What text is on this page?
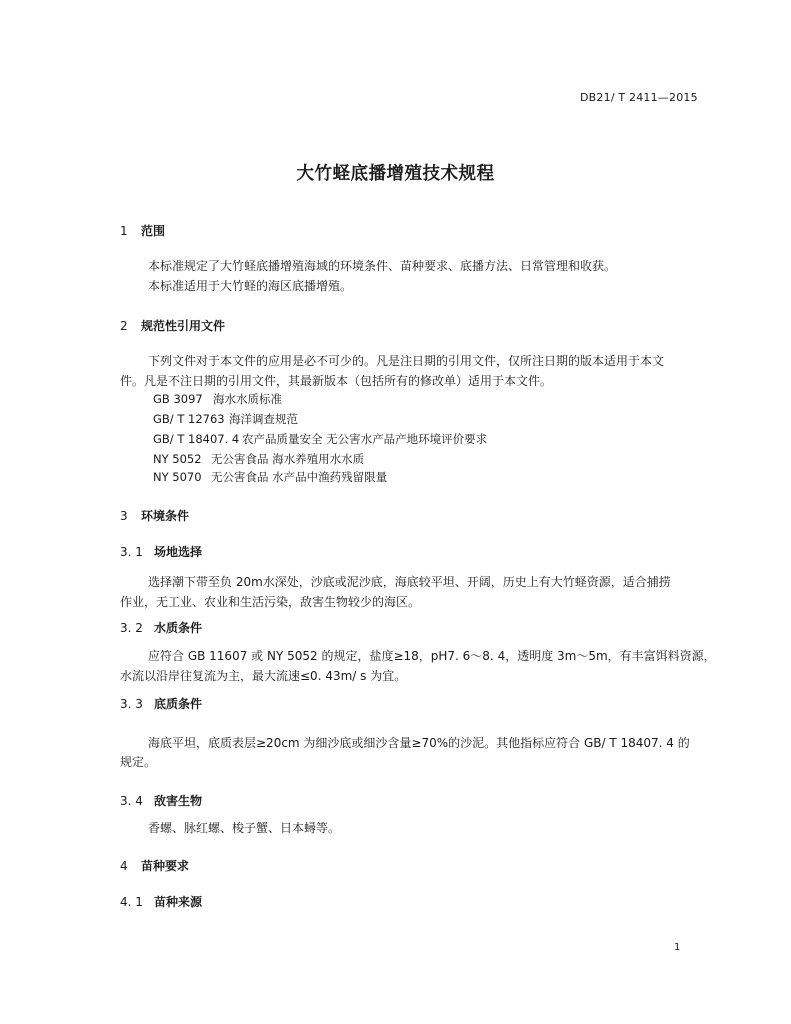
DB21/ T 2411—2015
大竹蛏底播增殖技术规程
1 范围
本标准规定了大竹蛏底播增殖海域的环境条件、苗种要求、底播方法、日常管理和收获。
本标准适用于大竹蛏的海区底播增殖。
2 规范性引用文件
下列文件对于本文件的应用是必不可少的。凡是注日期的引用文件，仅所注日期的版本适用于本文
件。凡是不注日期的引用文件，其最新版本（包括所有的修改单）适用于本文件。
GB 3097 海水水质标准
GB/ T 12763 海洋调查规范
GB/ T 18407. 4 农产品质量安全 无公害水产品产地环境评价要求
NY 5052 无公害食品 海水养殖用水水质
NY 5070 无公害食品 水产品中渔药残留限量
3 环境条件
3. 1 场地选择
选择潮下带至负 20m水深处，沙底或泥沙底，海底较平坦、开阔，历史上有大竹蛏资源，适合捕捞
作业，无工业、农业和生活污染，敌害生物较少的海区。
3. 2 水质条件
应符合 GB 11607 或 NY 5052 的规定，盐度≥18，pH7. 6～8. 4，透明度 3m～5m，有丰富饵料资源，
水流以沿岸往复流为主，最大流速≤0. 43m/ s 为宜。
3. 3 底质条件
海底平坦，底质表层≥20cm 为细沙底或细沙含量≥70%的沙泥。其他指标应符合 GB/ T 18407. 4 的
规定。
3. 4 敌害生物
香螺、脉红螺、梭子蟹、日本蟳等。
4 苗种要求
4. 1 苗种来源
1
